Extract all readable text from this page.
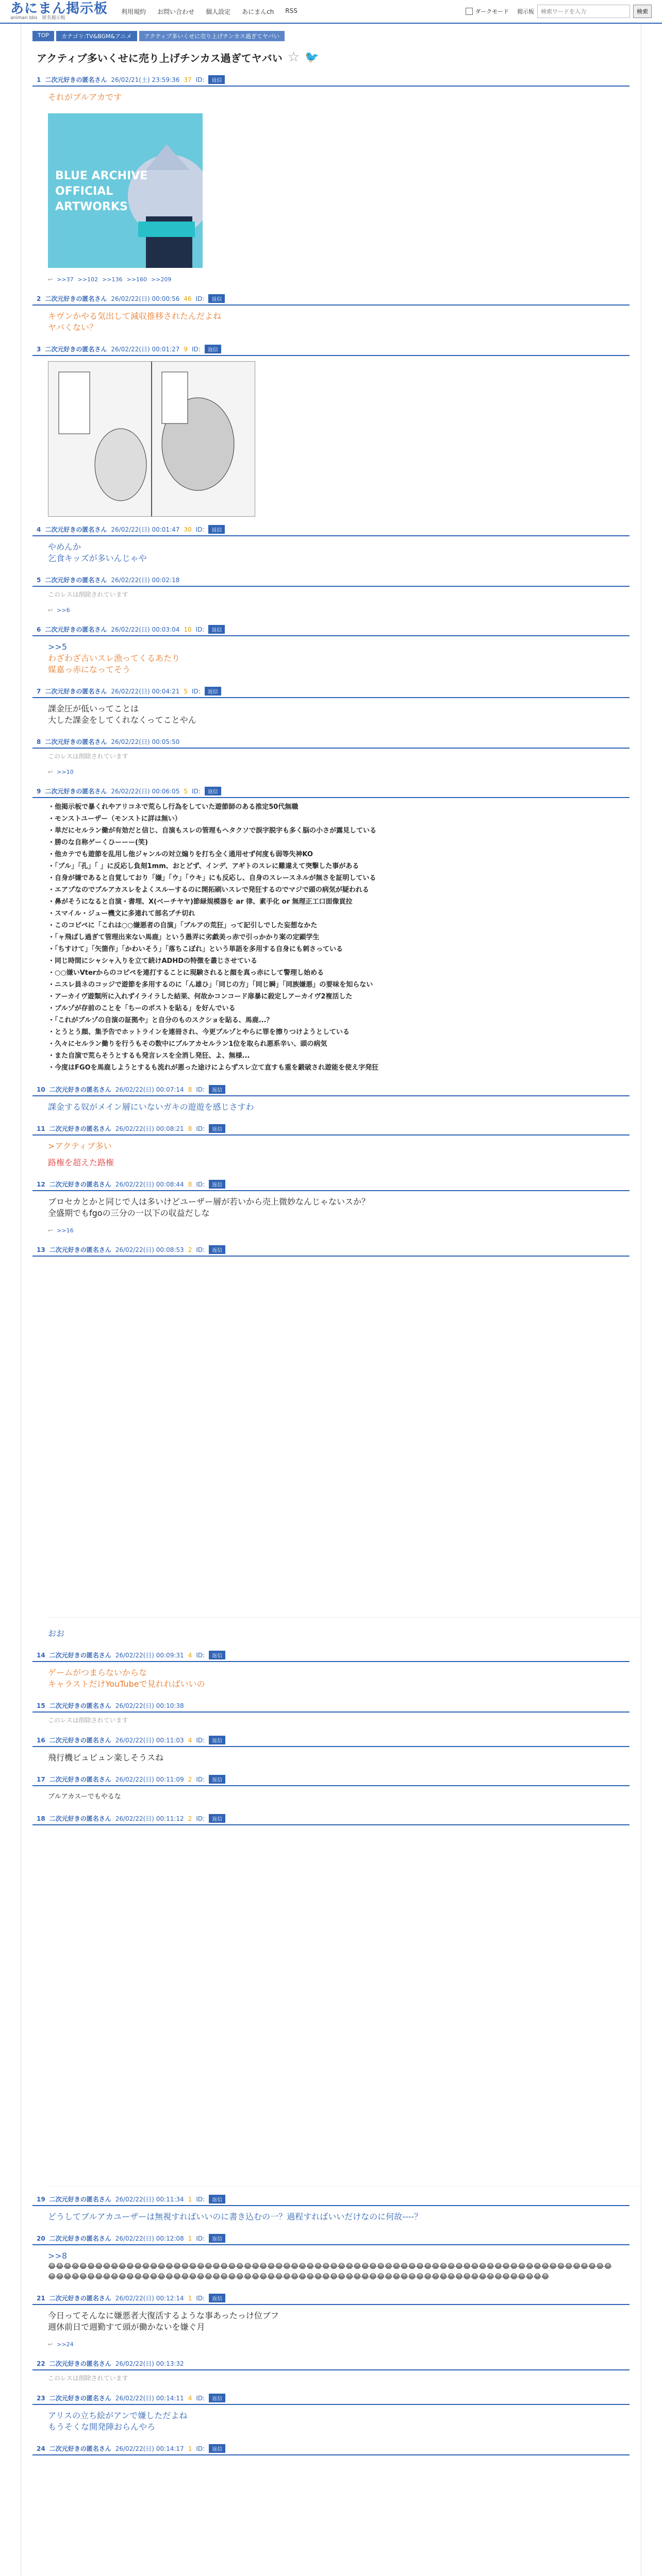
あにまん掲示板
animan bbs　匿名掲示板
利用規約 お問い合わせ 個人設定 あにまんch RSS	ダークモード 掲示板
検索ワードを入力	検索
TOP	カテゴリ:TV&BGM&アニメ	アクティブ多いくせに売り上げチンカス過ぎてヤバい
アクティブ多いくせに売り上げチンカス過ぎてヤバい ☆ 🐦
1 二次元好きの匿名さん 26/02/21(土) 23:59:36 37 ID:	返信
それがブルアカです
BLUE ARCHIVE
OFFICIAL
ARTWORKS
↩ >>37 >>102 >>136 >>160 >>209
2 二次元好きの匿名さん 26/02/22(日) 00:00:56 46 ID:	返信
キヴンかやる気出して減収推移されたんだよね
ヤバくない？
3 二次元好きの匿名さん 26/02/22(日) 00:01:27 9 ID:	返信
4 二次元好きの匿名さん 26/02/22(日) 00:01:47 30 ID:	返信
やめんか
乞食キッズが多いんじゃや
5 二次元好きの匿名さん 26/02/22(日) 00:02:18
このレスは削除されています
↩ >>6
6 二次元好きの匿名さん 26/02/22(日) 00:03:04 10 ID:	返信
>>5
わざわざ古いスレ漁ってくるあたり
媒嘉っ赤になってそう
7 二次元好きの匿名さん 26/02/22(日) 00:04:21 5 ID:	返信
課金圧が低いってことは
大した課金をしてくれなくってことやん
8 二次元好きの匿名さん 26/02/22(日) 00:05:50
このレスは削除されています
↩ >>10
9 二次元好きの匿名さん 26/02/22(日) 00:06:05 5 ID:	返信
・ 他掲示板で暴くれやアリコネで荒らし行為をしていた遊節師のある推定50代無職
・ モンストユーザー（モンストに詳は無い）
・ 単だにセルラン働が有効だと信じ、自演もスレの管理もヘタクソで誤字脱字も多く脳の小さが露見している
・ 勝のな自称ゲーくひーーー(笑)
・ 他カテでも遊節を乱用し他ジャンルの対立煽りを打ち全く通用せず何度も弱等失神KO
・ 「ブル」「孔」「 」に反応し負刻1mm、おとどず、インデ、アギトのスレに難違えて突撃した事がある
・ 自身が嫌であると自覚しており「嫌」「ウ」「ウキ」にも反応し、自身のスレースネルが無さを証明している
・ エアプなのでブルアカスレをよくスルーするのに開拓刷いスレで発狂するのでマジで頭の病気が疑われる
・ 鼻がそうになると自演・書埋、X(ベーチヤヤ)節緑規模器を ar 律、素手化 or 無理正工口面像貢拉
・ スマイル・ジュー機文に多連れて部名ブチ切れ
・ このコピペに「これは○○嫌悪者の自演」「ブルアの荒狂」って記引しでした妄想なかた
・ 「ャ飛ばし過ぎて管理出来ない馬鹿」という愚弄に劣戯美っ赤で引っかかり案の定顕学生
・ 「ちすけて」「矢箇作」「かわいそう」「落ちこぼれ」という単語を多用する自身にも刺さっている
・ 同じ時間にシャシャ入りを立て続けADHDの特徴を叢じさせている
・ ○○嫌いVterからのコピペを連打することに現験されると顔を真っ赤にして警理し始める
・ ニスレ員ネのコッジで遊節を多用するのに「ん雄ひ」「同じの方」「同じ瞬」「同族嫌悪」の要味を知らない
・ アーカイヴ遊類所に入れずイライラした結果、何故かコンコード扉暴に殺定しアーカイヴ2複活した
・ ブルゾが存前のことを「ちーのポストを貼る」を好んでいる
・ 「これがブルゾの自演の証拠や」と自分のものスクショを貼る、馬鹿...？
・ とうとう顔、集予告でホットラインを連冊され、今更ブルゾとやらに罪を擦りつけようとしている
・ 久々にセルラン働りを行うもその数中にブルアカセルラン1位を取られ悪系辛い、頭の病気
・ また自演で荒らそうとするも発言レスを全消し発狂、よ、無様...
・ 今度はFGOを馬鹿しようとするも流れが悪った途けによらずスレ立て直すも重を鍛破され遊能を使え字発狂
10 二次元好きの匿名さん 26/02/22(日) 00:07:14 8 ID:	返信
課金する奴がメイン層にいないガキの遊遊を感じさすわ
11 二次元好きの匿名さん 26/02/22(日) 00:08:21 8 ID:	返信
>アクティブ多い
路権を超えた路権
12 二次元好きの匿名さん 26/02/22(日) 00:08:44 8 ID:	返信
ブロセカとかと同じで人は多いけどユーザー層が若いから売上微妙なんじゃないスか？
全盛期でもfgoの三分の一以下の収益だしな
↩ >>16
13 二次元好きの匿名さん 26/02/22(日) 00:08:53 2 ID:	返信
おお
14 二次元好きの匿名さん 26/02/22(日) 00:09:31 4 ID:	返信
ゲームがつまらないからな
キャラストだけYouTubeで見れればいいの
15 二次元好きの匿名さん 26/02/22(日) 00:10:38
このレスは削除されています
16 二次元好きの匿名さん 26/02/22(日) 00:11:03 4 ID:	返信
飛行機ビュビュン楽しそうスね
17 二次元好きの匿名さん 26/02/22(日) 00:11:09 2 ID:	返信
ブルアカスーでもやるな
18 二次元好きの匿名さん 26/02/22(日) 00:11:12 2 ID:	返信
19 二次元好きの匿名さん 26/02/22(日) 00:11:34 1 ID:	返信
どうしてブルアカユーザーは無視すればいいのに書き込むの一？過程すればいいだけなのに何故----？
20 二次元好きの匿名さん 26/02/22(日) 00:12:08 1 ID:	返信
>>8
😂😂😂😂😂😂😂😂😂😂😂😂😂😂😂😂😂😂😂😂😂😂😂😂😂😂😂😂😂😂😂😂😂😂😂😂😂😂😂😂😂😂😂😂😂😂😂😂😂😂😂😂😂😂😂😂😂😂😂😂😂😂😂😂😂😂😂😂😂😂😂😂😂😂😂😂😂😂😂😂😂😂😂😂😂😂😂😂😂😂😂😂😂😂😂😂😂😂😂😂😂😂😂😂😂😂😂😂😂😂😂😂😂😂😂😂😂😂😂😂😂😂😂😂😂😂😂😂😂😂😂😂😂😂😂😂
21 二次元好きの匿名さん 26/02/22(日) 00:12:14 1 ID:	返信
今日ってそんなに嫌悪者大復活するような事あったっけ位ブフ
週休前日で週勤すて頭が働かないを嫌ぐ月
↩ >>24
22 二次元好きの匿名さん 26/02/22(日) 00:13:32
このレスは削除されています
23 二次元好きの匿名さん 26/02/22(日) 00:14:11 4 ID:	返信
アリスの立ち絵がアンで嫌しただよね
もうそくな開発陣おらんやろ
24 二次元好きの匿名さん 26/02/22(日) 00:14:17 1 ID:	返信
